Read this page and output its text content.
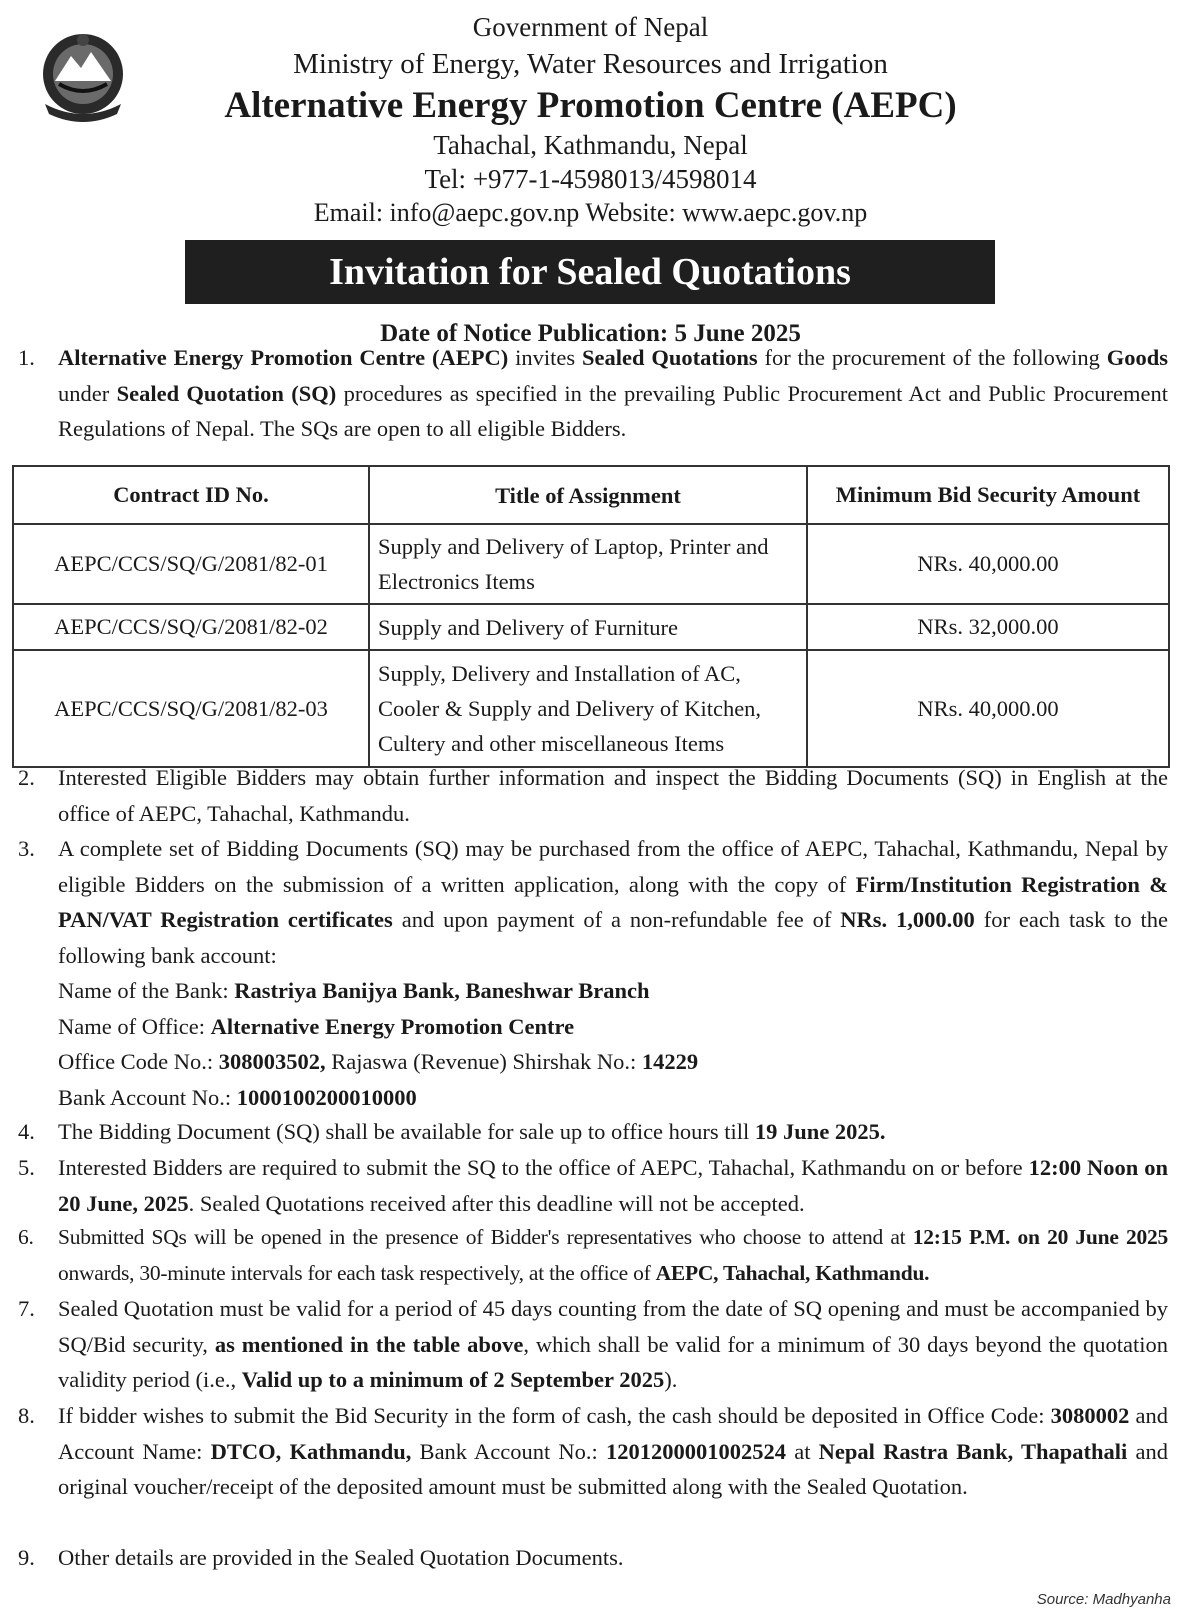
Government of Nepal
Ministry of Energy, Water Resources and Irrigation
Alternative Energy Promotion Centre (AEPC)
Tahachal, Kathmandu, Nepal
Tel: +977-1-4598013/4598014
Email: info@aepc.gov.np Website: www.aepc.gov.np
Invitation for Sealed Quotations
Date of Notice Publication: 5 June 2025
1.	Alternative Energy Promotion Centre (AEPC) invites Sealed Quotations for the procurement of the following Goods under Sealed Quotation (SQ) procedures as specified in the prevailing Public Procurement Act and Public Procurement Regulations of Nepal. The SQs are open to all eligible Bidders.
Contract ID No.	Title of Assignment	Minimum Bid Security Amount
AEPC/CCS/SQ/G/2081/82-01	Supply and Delivery of Laptop, Printer and Electronics Items	NRs. 40,000.00
AEPC/CCS/SQ/G/2081/82-02	Supply and Delivery of Furniture	NRs. 32,000.00
AEPC/CCS/SQ/G/2081/82-03	Supply, Delivery and Installation of AC, Cooler & Supply and Delivery of Kitchen, Cultery and other miscellaneous Items	NRs. 40,000.00
2.	Interested Eligible Bidders may obtain further information and inspect the Bidding Documents (SQ) in English at the office of AEPC, Tahachal, Kathmandu.
3.	A complete set of Bidding Documents (SQ) may be purchased from the office of AEPC, Tahachal, Kathmandu, Nepal by eligible Bidders on the submission of a written application, along with the copy of Firm/Institution Registration & PAN/VAT Registration certificates and upon payment of a non-refundable fee of NRs. 1,000.00 for each task to the following bank account:
Name of the Bank: Rastriya Banijya Bank, Baneshwar Branch
Name of Office: Alternative Energy Promotion Centre
Office Code No.: 308003502, Rajaswa (Revenue) Shirshak No.: 14229
Bank Account No.: 1000100200010000
4.	The Bidding Document (SQ) shall be available for sale up to office hours till 19 June 2025.
5.	Interested Bidders are required to submit the SQ to the office of AEPC, Tahachal, Kathmandu on or before 12:00 Noon on 20 June, 2025. Sealed Quotations received after this deadline will not be accepted.
6.	Submitted SQs will be opened in the presence of Bidder's representatives who choose to attend at 12:15 P.M. on 20 June 2025 onwards, 30-minute intervals for each task respectively, at the office of AEPC, Tahachal, Kathmandu.
7.	Sealed Quotation must be valid for a period of 45 days counting from the date of SQ opening and must be accompanied by SQ/Bid security, as mentioned in the table above, which shall be valid for a minimum of 30 days beyond the quotation validity period (i.e., Valid up to a minimum of 2 September 2025).
8.	If bidder wishes to submit the Bid Security in the form of cash, the cash should be deposited in Office Code: 3080002 and Account Name: DTCO, Kathmandu, Bank Account No.: 1201200001002524 at Nepal Rastra Bank, Thapathali and original voucher/receipt of the deposited amount must be submitted along with the Sealed Quotation.
9.	Other details are provided in the Sealed Quotation Documents.
Source: Madhyanha
